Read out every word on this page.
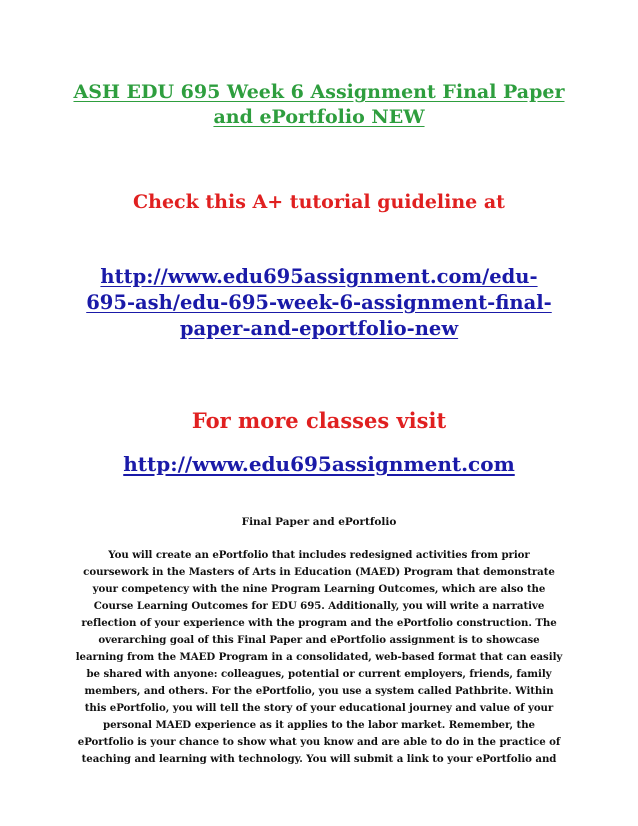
ASH EDU 695 Week 6 Assignment Final Paper
and ePortfolio NEW
Check this A+ tutorial guideline at
http://www.edu695assignment.com/edu-
695-ash/edu-695-week-6-assignment-final-
paper-and-eportfolio-new
For more classes visit
http://www.edu695assignment.com
Final Paper and ePortfolio
You will create an ePortfolio that includes redesigned activities from prior
coursework in the Masters of Arts in Education (MAED) Program that demonstrate
your competency with the nine Program Learning Outcomes, which are also the
Course Learning Outcomes for EDU 695. Additionally, you will write a narrative
reflection of your experience with the program and the ePortfolio construction. The
overarching goal of this Final Paper and ePortfolio assignment is to showcase
learning from the MAED Program in a consolidated, web-based format that can easily
be shared with anyone: colleagues, potential or current employers, friends, family
members, and others. For the ePortfolio, you use a system called Pathbrite. Within
this ePortfolio, you will tell the story of your educational journey and value of your
personal MAED experience as it applies to the labor market. Remember, the
ePortfolio is your chance to show what you know and are able to do in the practice of
teaching and learning with technology. You will submit a link to your ePortfolio and
